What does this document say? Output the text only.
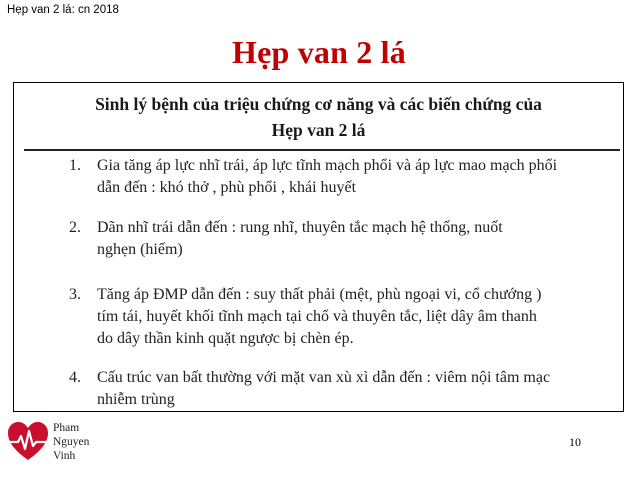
Hẹp van 2 lá: cn 2018
Hẹp van 2 lá
Sinh lý bệnh của triệu chứng cơ năng và các biến chứng của
Hẹp van 2 lá
1. Gia tăng áp lực nhĩ trái, áp lực tĩnh mạch phổi và áp lực mao mạch phổi
dẫn đến : khó thở , phù phổi , khái huyết
2. Dãn nhĩ trái dẫn đến : rung nhĩ, thuyên tắc mạch hệ thống, nuốt
nghẹn (hiếm)
3. Tăng áp ĐMP dẫn đến : suy thất phải (mệt, phù ngoại vi, cổ chướng )
tím tái, huyết khối tĩnh mạch tại chổ và thuyên tắc, liệt dây âm thanh
do dây thần kinh quặt ngược bị chèn ép.
4. Cấu trúc van bất thường với mặt van xù xì dẫn đến : viêm nội tâm mạc
nhiễm trùng
Pham
Nguyen
Vinh
10
